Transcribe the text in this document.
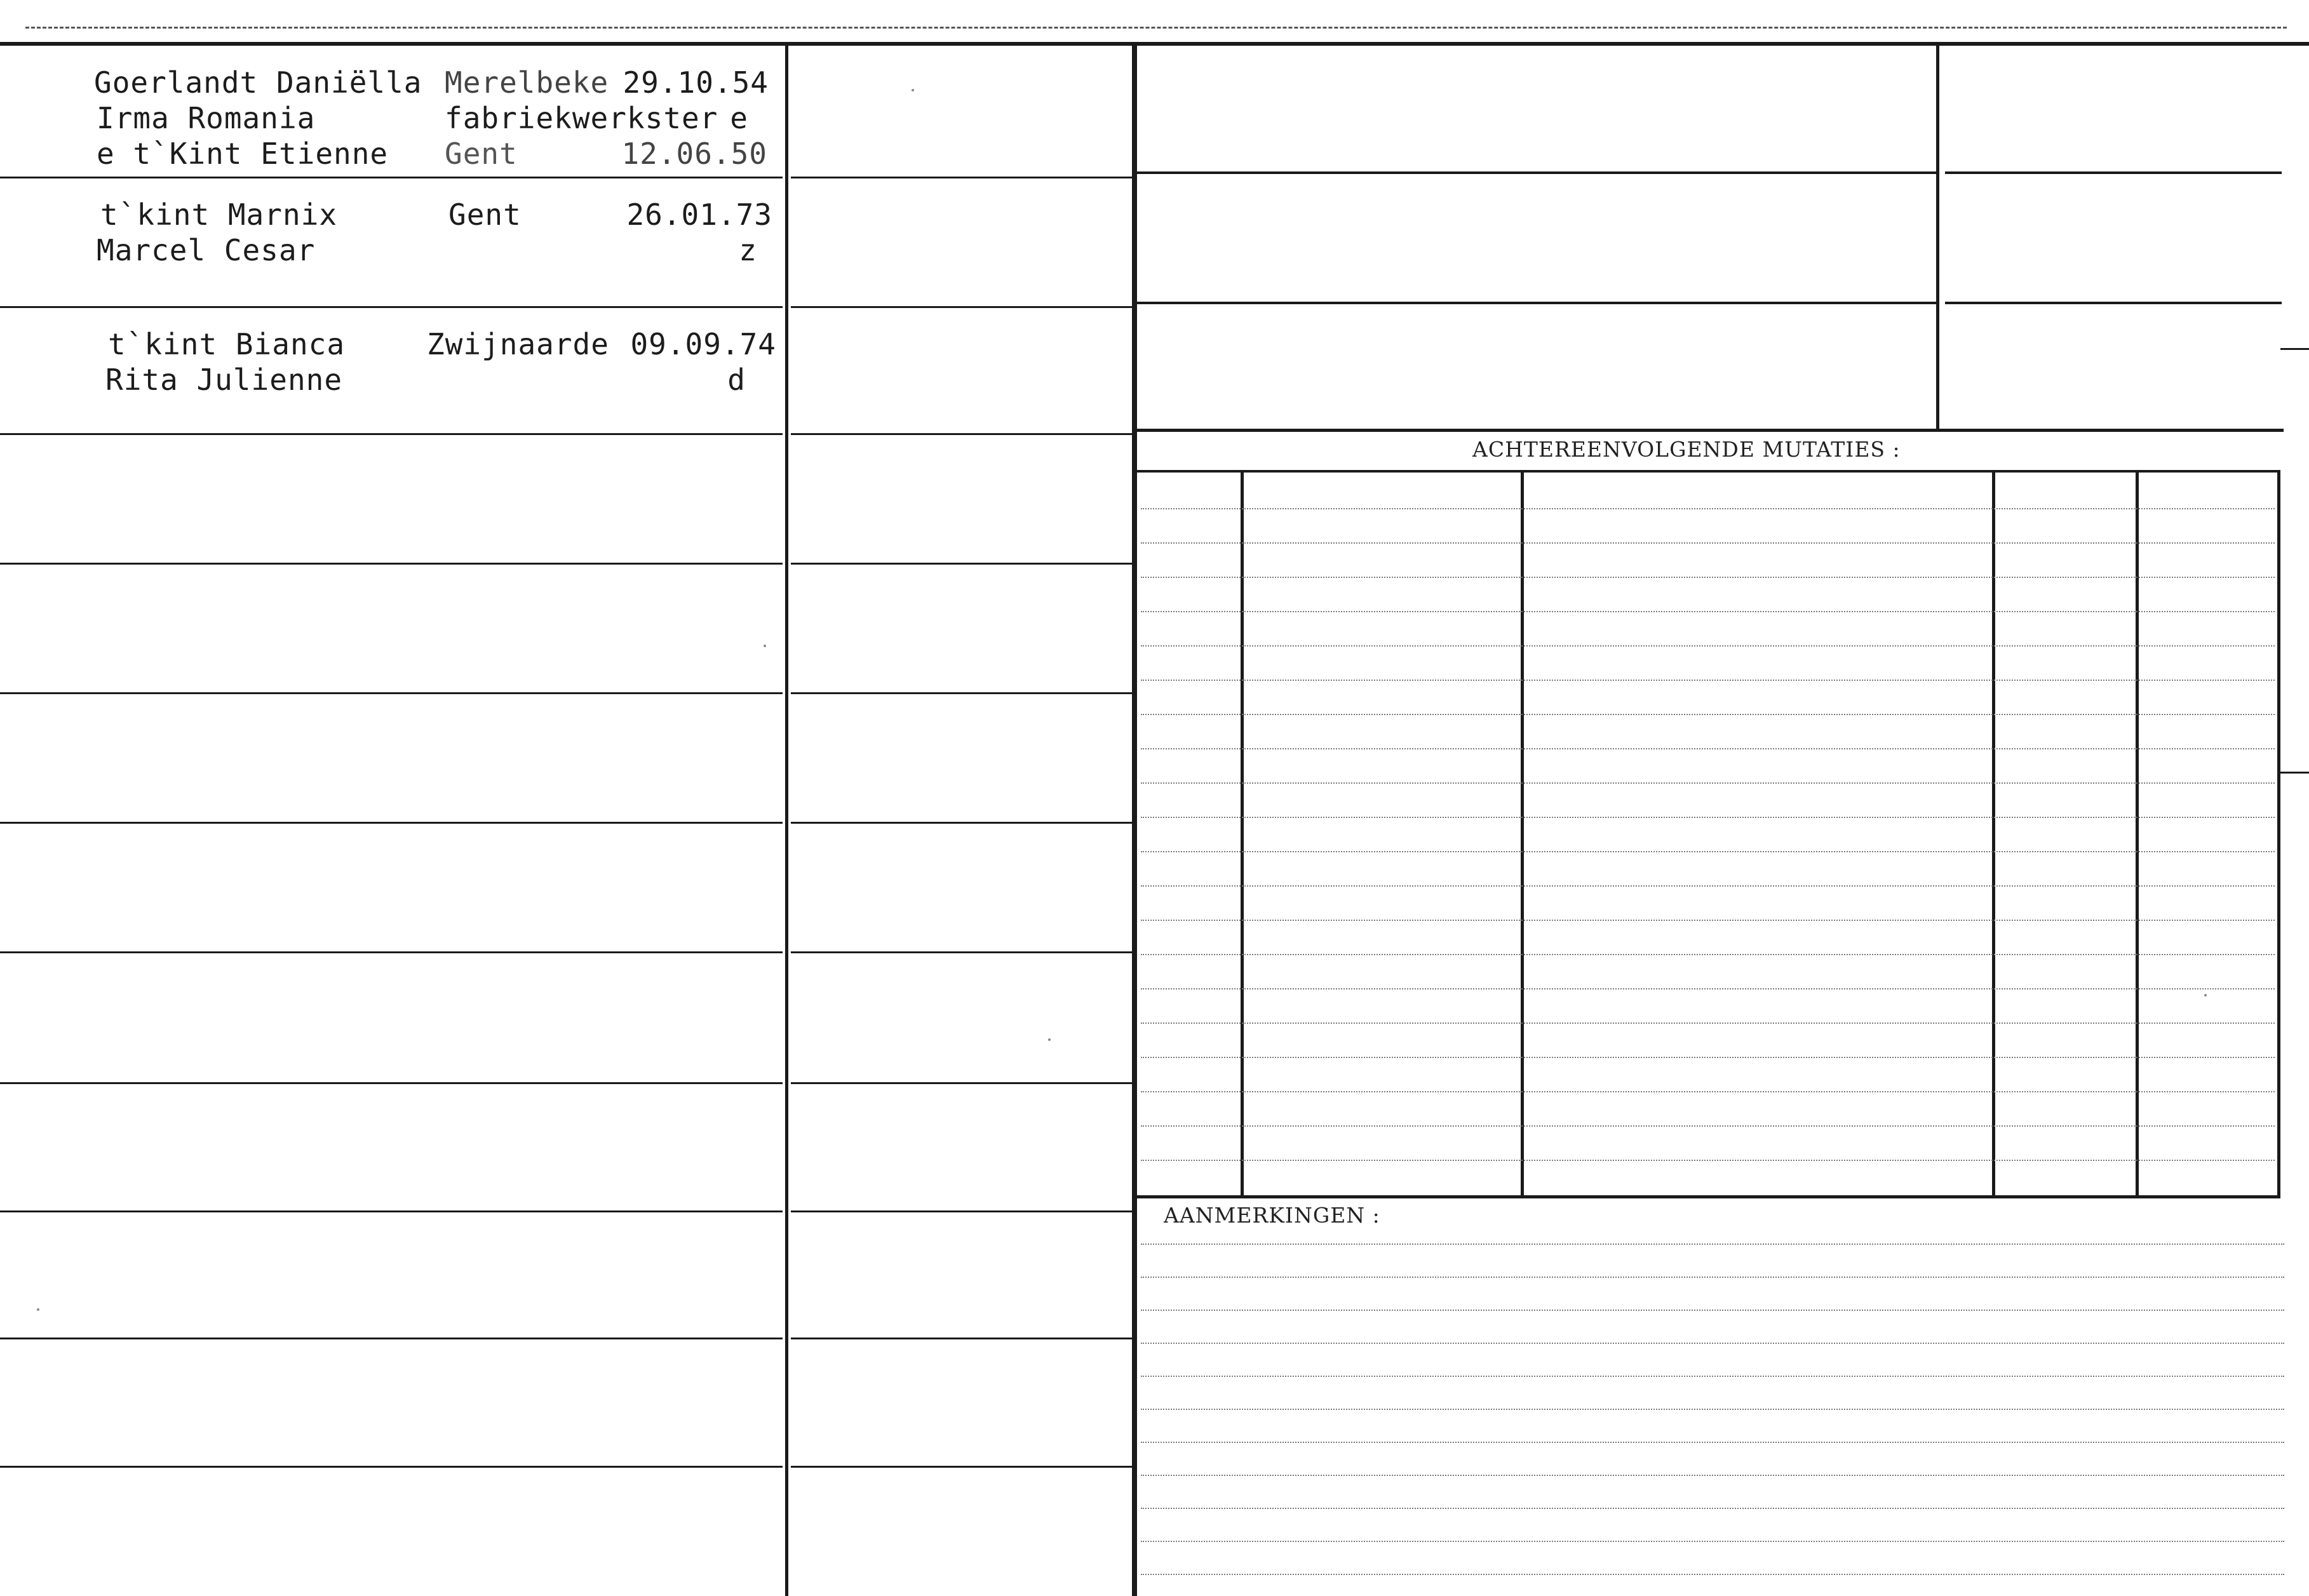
ACHTEREENVOLGENDE MUTATIES :
AANMERKINGEN :
Goerlandt Daniëlla
Irma Romania
e t`Kint Etienne
Merelbeke
fabriekwerkster
Gent
29.10.54
e
12.06.50
t`kint Marnix
Marcel Cesar
Gent	26.01.73
z
t`kint Bianca
Rita Julienne
Zwijnaarde 09.09.74
d
